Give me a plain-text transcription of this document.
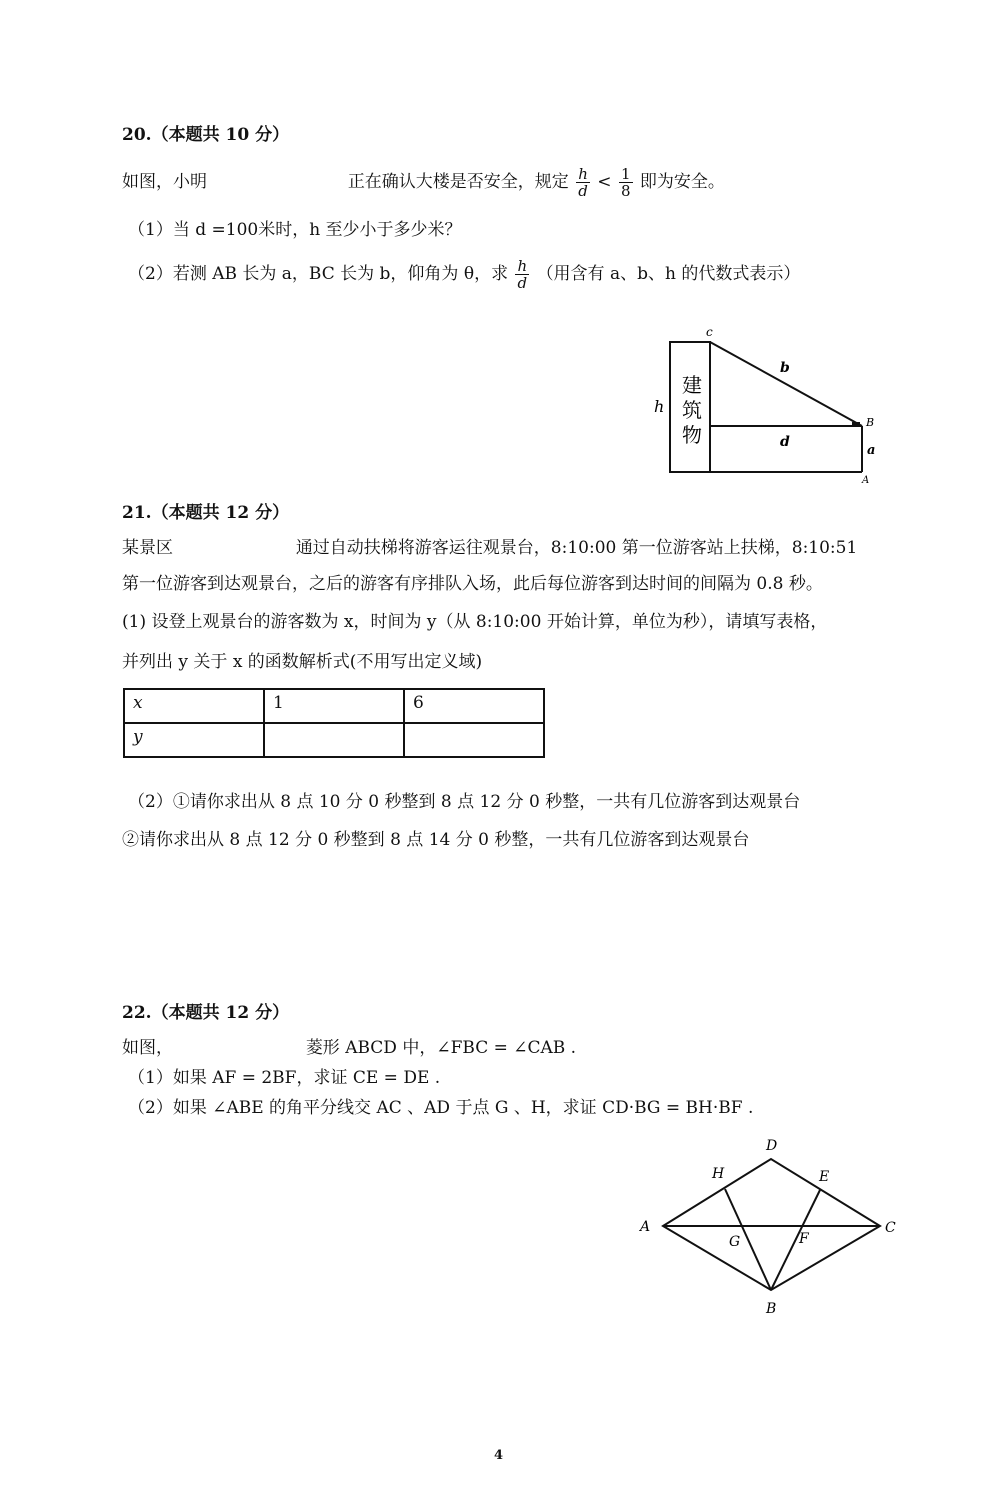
20.（本题共 10 分）
如图，小明	正在确认大楼是否安全，规定 $\frac{h}{d} < \frac{1}{8}$ 即为安全。
（1）当 d =100米时，h 至少小于多少米？
（2）若测 AB 长为 a，BC 长为 b，仰角为 θ，求 $\frac{h}{d}$ （用含有 a、b、h 的代数式表示）
建
筑
物
h
c
b
d
B
a
A
21.（本题共 12 分）
某景区	通过自动扶梯将游客运往观景台，8:10:00 第一位游客站上扶梯，8:10:51
第一位游客到达观景台，之后的游客有序排队入场，此后每位游客到达时间的间隔为 0.8 秒。
(1) 设登上观景台的游客数为 x，时间为 y（从 8:10:00 开始计算，单位为秒），请填写表格，
并列出 y 关于 x 的函数解析式(不用写出定义域)
x	1	6
y		
（2）①请你求出从 8 点 10 分 0 秒整到 8 点 12 分 0 秒整，一共有几位游客到达观景台
②请你求出从 8 点 12 分 0 秒整到 8 点 14 分 0 秒整，一共有几位游客到达观景台
22.（本题共 12 分）
如图，	菱形 ABCD 中，∠FBC = ∠CAB .
（1）如果 AF = 2BF，求证 CE = DE .
（2）如果 ∠ABE 的角平分线交 AC 、AD 于点 G 、H，求证 CD·BG = BH·BF .
D
H	E
A	C
G	F
B
4
